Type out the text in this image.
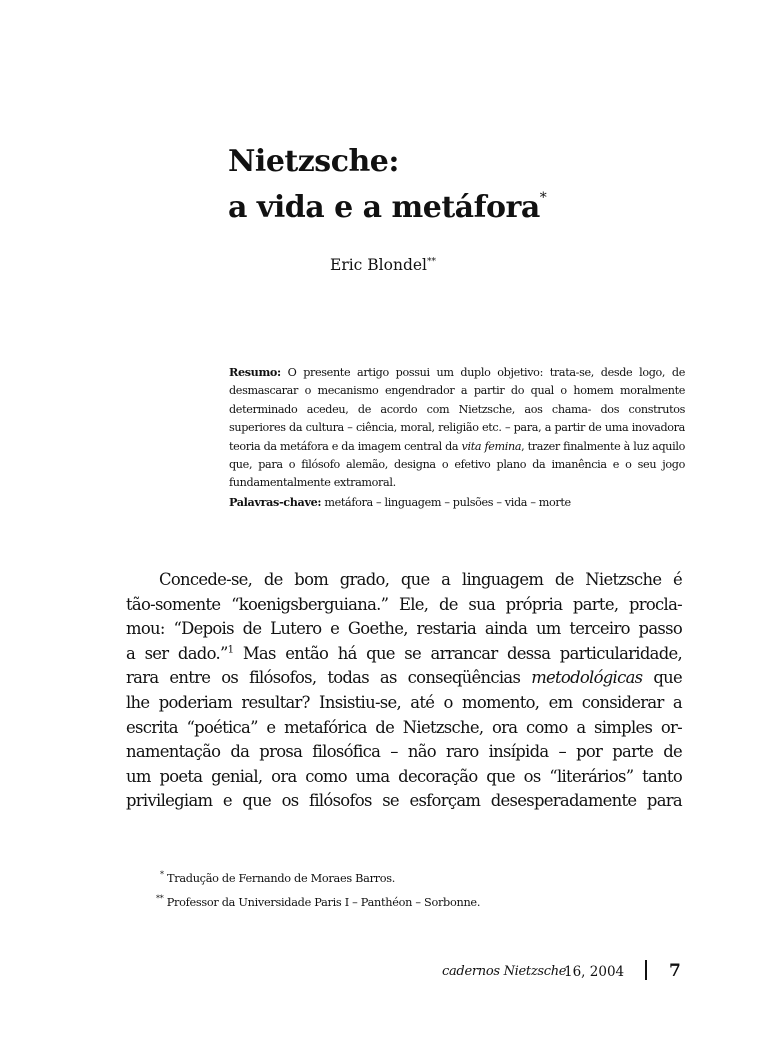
Nietzsche:
a vida e a metáfora*
Eric Blondel**
Resumo: O presente artigo possui um duplo objetivo: trata-se, desde logo, de desmascarar o mecanismo engendrador a partir do qual o homem moralmente determinado acedeu, de acordo com Nietzsche, aos chama- dos construtos superiores da cultura – ciência, moral, religião etc. – para, a partir de uma inovadora teoria da metáfora e da imagem central da vita femina, trazer finalmente à luz aquilo que, para o filósofo alemão, designa o efetivo plano da imanência e o seu jogo fundamentalmente extramoral.
Palavras-chave: metáfora – linguagem – pulsões – vida – morte
Concede-se, de bom grado, que a linguagem de Nietzsche é
tão-somente “koenigsberguiana.” Ele, de sua própria parte, procla-
mou: “Depois de Lutero e Goethe, restaria ainda um terceiro passo
a ser dado.”$^1$ Mas então há que se arrancar dessa particularidade,
rara entre os filósofos, todas as conseqüências metodológicas que
lhe poderiam resultar? Insistiu-se, até o momento, em considerar a
escrita “poética” e metafórica de Nietzsche, ora como a simples or-
namentação da prosa filosófica – não raro insípida – por parte de
um poeta genial, ora como uma decoração que os “literários” tanto
privilegiam e que os filósofos se esforçam desesperadamente para
* Tradução de Fernando de Moraes Barros.
** Professor da Universidade Paris I – Panthéon – Sorbonne.
cadernos Nietzsche
16, 2004	7
